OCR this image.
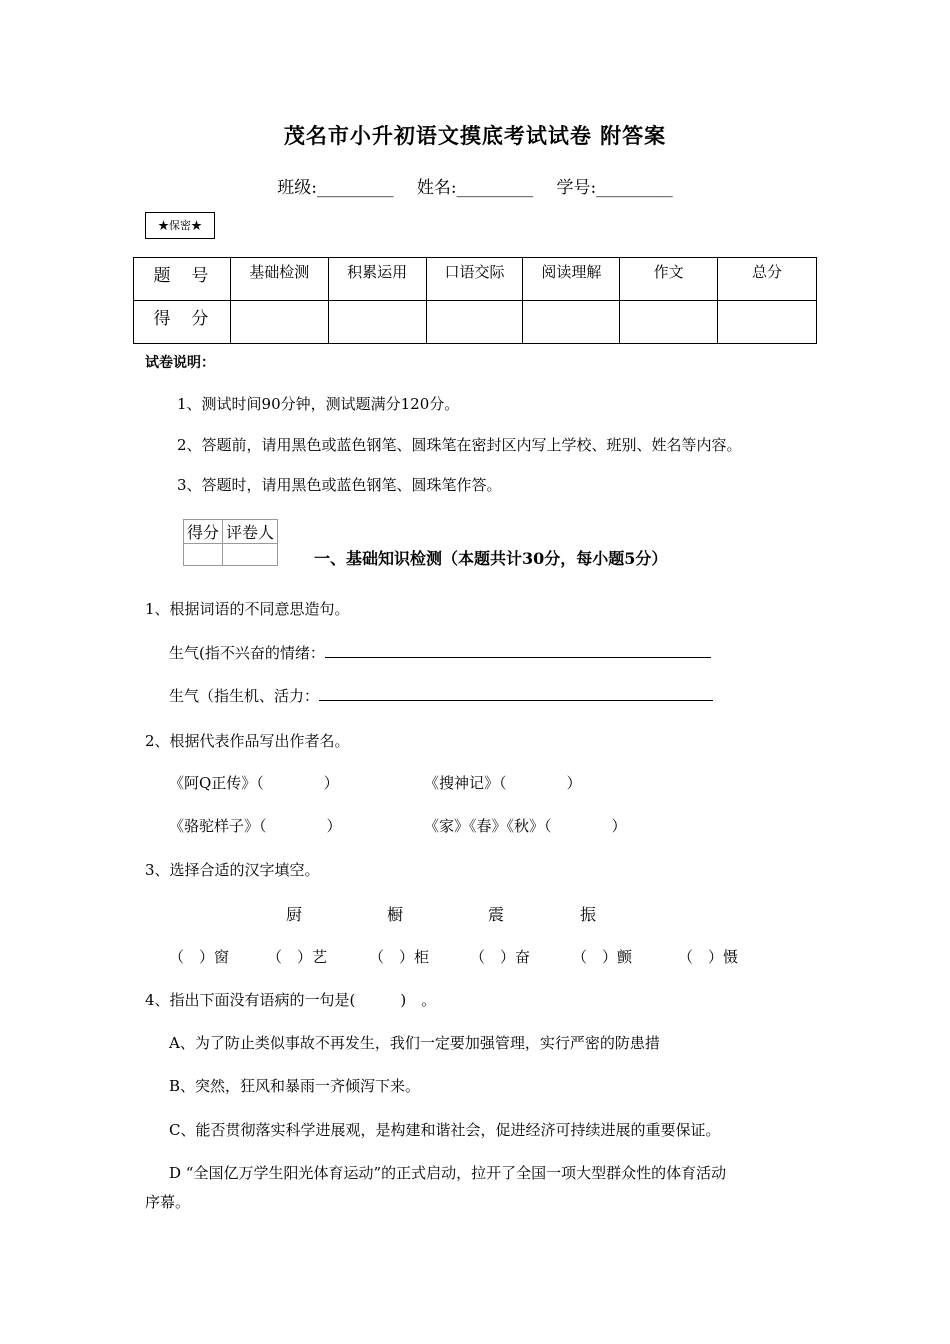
茂名市小升初语文摸底考试试卷 附答案
班级:_________ 姓名:_________ 学号:_________
★保密★
题　号	基础检测	积累运用	口语交际	阅读理解	作文	总分
得　分						
试卷说明：
1、测试时间90分钟，测试题满分120分。
2、答题前，请用黑色或蓝色钢笔、圆珠笔在密封区内写上学校、班别、姓名等内容。
3、答题时，请用黑色或蓝色钢笔、圆珠笔作答。
得分	评卷人

一、基础知识检测（本题共计30分，每小题5分）
1、根据词语的不同意思造句。
生气(指不兴奋的情绪：
生气（指生机、活力：
2、根据代表作品写出作者名。
《阿Q正传》（　　　　）	《搜神记》（　　　　）
《骆驼样子》（　　　　）	《家》《春》《秋》（　　　　）
3、选择合适的汉字填空。
厨	橱	震	振
（　）窗	（　）艺	（　）柜	（　）奋	（　）颤	（　）慑
4、指出下面没有语病的一句是(　　　)　。
A、为了防止类似事故不再发生，我们一定要加强管理，实行严密的防患措
B、突然，狂风和暴雨一齐倾泻下来。
C、能否贯彻落实科学进展观，是构建和谐社会，促进经济可持续进展的重要保证。
D “全国亿万学生阳光体育运动”的正式启动，拉开了全国一项大型群众性的体育活动
序幕。
